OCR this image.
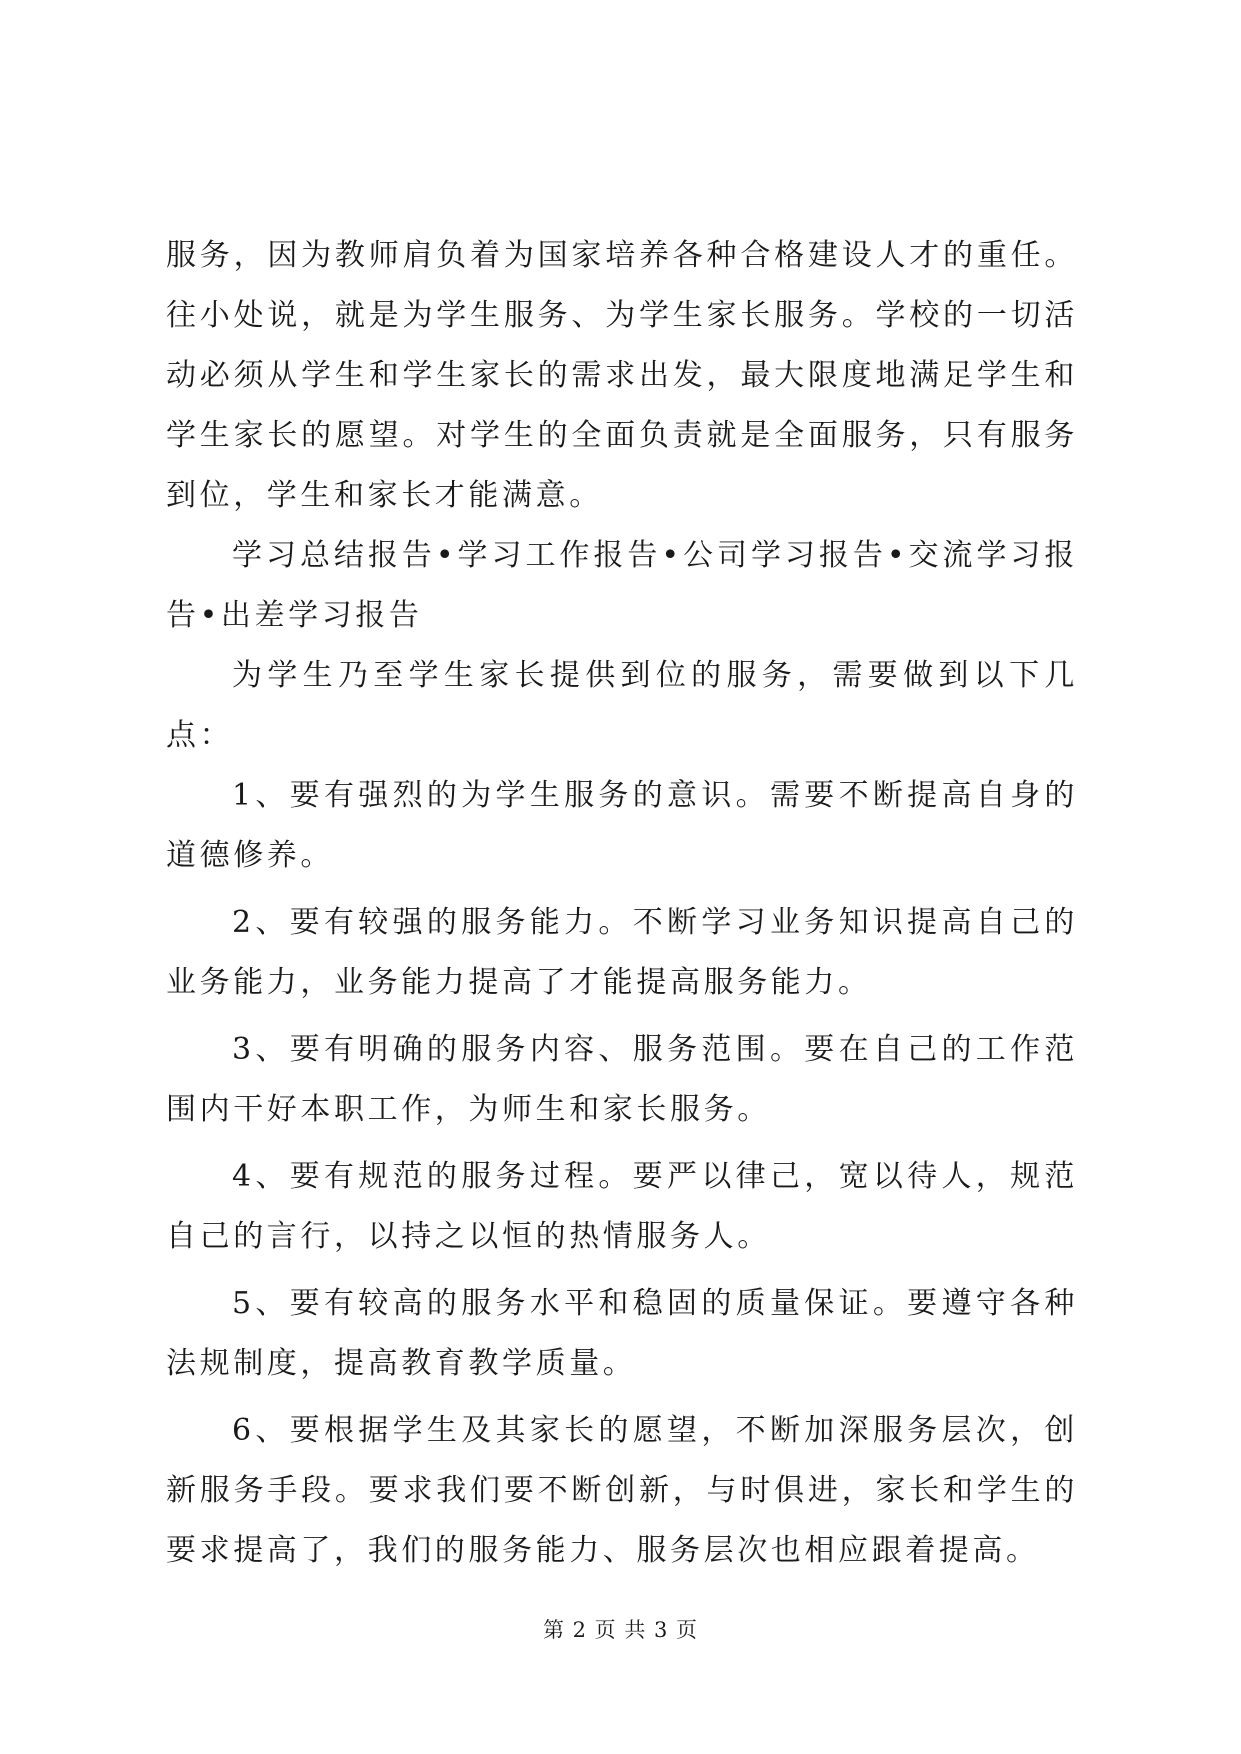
服务，因为教师肩负着为国家培养各种合格建设人才的重任。往小处说，就是为学生服务、为学生家长服务。学校的一切活动必须从学生和学生家长的需求出发，最大限度地满足学生和学生家长的愿望。对学生的全面负责就是全面服务，只有服务到位，学生和家长才能满意。

学习总结报告•学习工作报告•公司学习报告•交流学习报告•出差学习报告

为学生乃至学生家长提供到位的服务，需要做到以下几点：

1、要有强烈的为学生服务的意识。需要不断提高自身的道德修养。

2、要有较强的服务能力。不断学习业务知识提高自己的业务能力，业务能力提高了才能提高服务能力。

3、要有明确的服务内容、服务范围。要在自己的工作范围内干好本职工作，为师生和家长服务。

4、要有规范的服务过程。要严以律己，宽以待人，规范自己的言行，以持之以恒的热情服务人。

5、要有较高的服务水平和稳固的质量保证。要遵守各种法规制度，提高教育教学质量。

6、要根据学生及其家长的愿望，不断加深服务层次，创新服务手段。要求我们要不断创新，与时俱进，家长和学生的要求提高了，我们的服务能力、服务层次也相应跟着提高。

第 2 页 共 3 页
